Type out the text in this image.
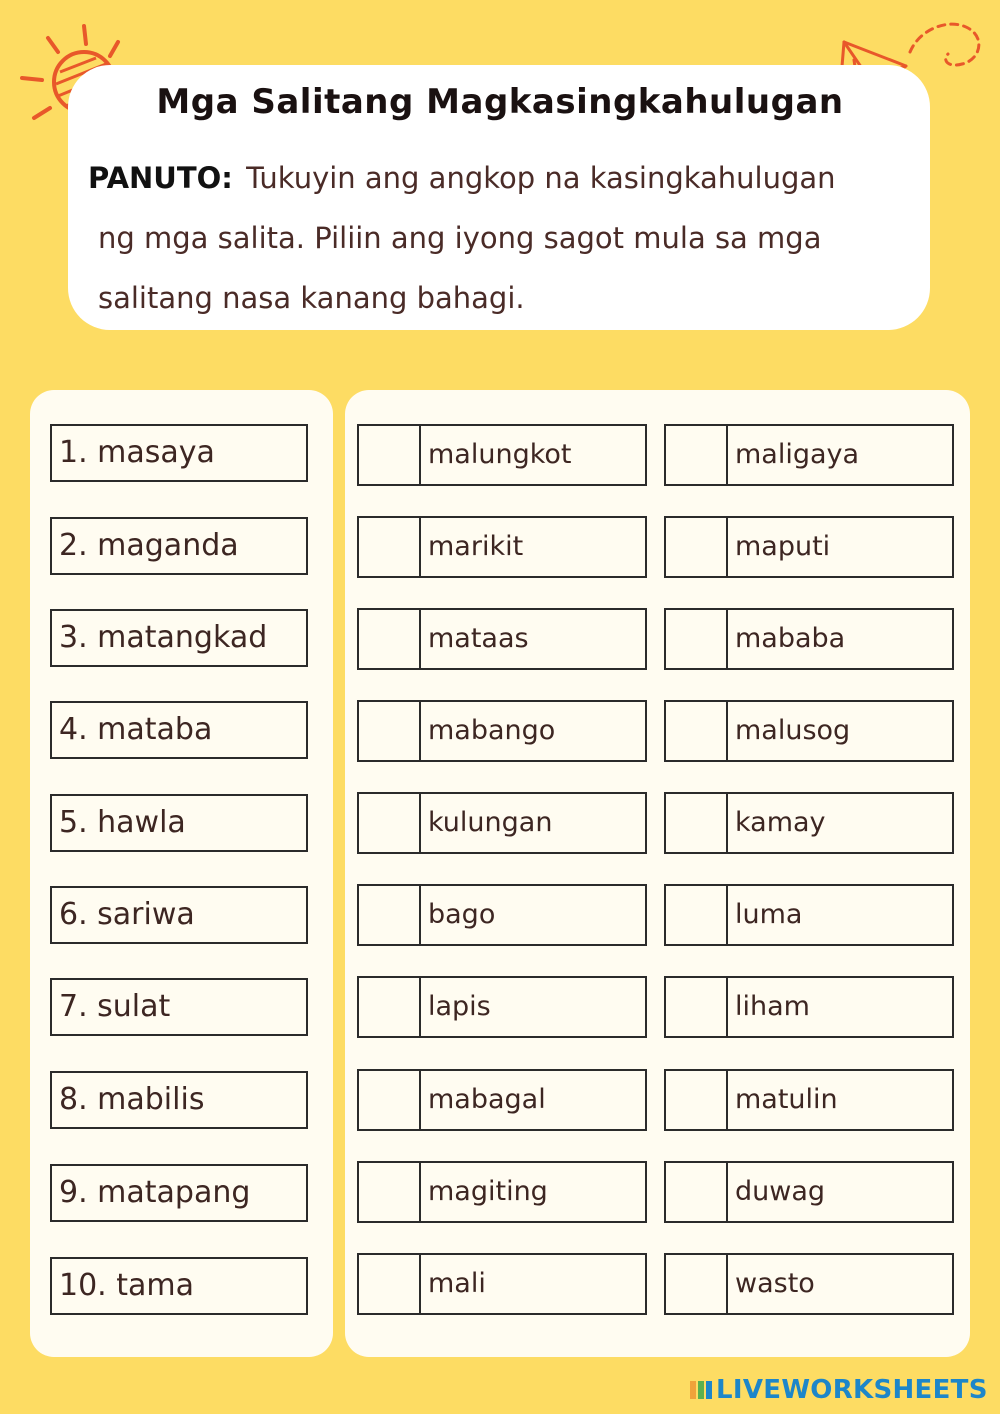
Mga Salitang Magkasingkahulugan
PANUTO: Tukuyin ang angkop na kasingkahulugan
ng mga salita. Piliin ang iyong sagot mula sa mga
salitang nasa kanang bahagi.
1. masaya	malungkot	maligaya
2. maganda	marikit	maputi
3. matangkad	mataas	mababa
4. mataba	mabango	malusog
5. hawla	kulungan	kamay
6. sariwa	bago	luma
7. sulat	lapis	liham
8. mabilis	mabagal	matulin
9. matapang	magiting	duwag
10. tama	mali	wasto
LIVEWORKSHEETS
